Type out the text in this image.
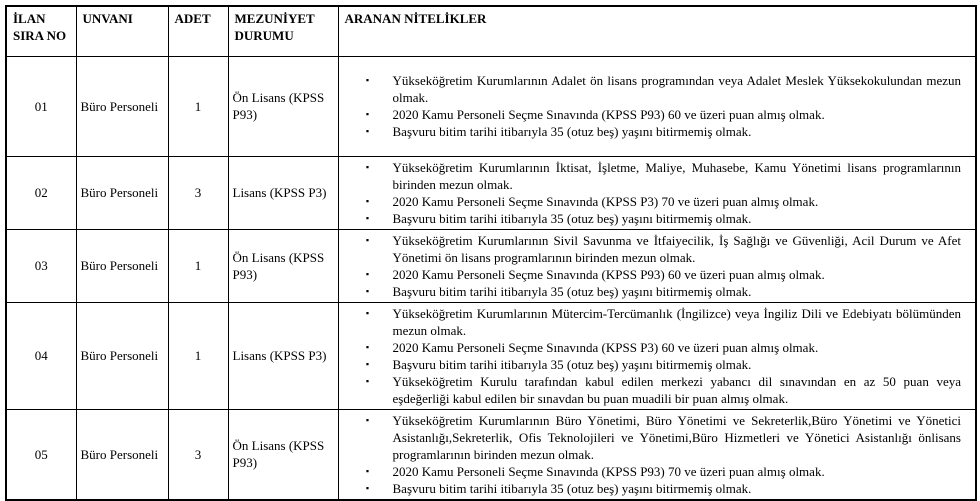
İLAN SIRA NO	UNVANI	ADET	MEZUNİYET DURUMU	ARANAN NİTELİKLER
01	Büro Personeli	1	Ön Lisans (KPSS P93)	
▪	Yükseköğretim Kurumlarının Adalet ön lisans programından veya Adalet Meslek Yüksekokulundan mezun olmak.
▪	2020 Kamu Personeli Seçme Sınavında (KPSS P93) 60 ve üzeri puan almış olmak.
▪	Başvuru bitim tarihi itibarıyla 35 (otuz beş) yaşını bitirmemiş olmak.

02	Büro Personeli	3	Lisans (KPSS P3)	
▪	Yükseköğretim Kurumlarının İktisat, İşletme, Maliye, Muhasebe, Kamu Yönetimi lisans programlarının birinden mezun olmak.
▪	2020 Kamu Personeli Seçme Sınavında (KPSS P3) 70 ve üzeri puan almış olmak.
▪	Başvuru bitim tarihi itibarıyla 35 (otuz beş) yaşını bitirmemiş olmak.

03	Büro Personeli	1	Ön Lisans (KPSS P93)	
▪	Yükseköğretim Kurumlarının Sivil Savunma ve İtfaiyecilik, İş Sağlığı ve Güvenliği, Acil Durum ve Afet Yönetimi ön lisans programlarının birinden mezun olmak.
▪	2020 Kamu Personeli Seçme Sınavında (KPSS P93) 60 ve üzeri puan almış olmak.
▪	Başvuru bitim tarihi itibarıyla 35 (otuz beş) yaşını bitirmemiş olmak.

04	Büro Personeli	1	Lisans (KPSS P3)	
▪	Yükseköğretim Kurumlarının Mütercim-Tercümanlık (İngilizce) veya İngiliz Dili ve Edebiyatı bölümünden mezun olmak.
▪	2020 Kamu Personeli Seçme Sınavında (KPSS P3) 60 ve üzeri puan almış olmak.
▪	Başvuru bitim tarihi itibarıyla 35 (otuz beş) yaşını bitirmemiş olmak.
▪	Yükseköğretim Kurulu tarafından kabul edilen merkezi yabancı dil sınavından en az 50 puan veya eşdeğerliği kabul edilen bir sınavdan bu puan muadili bir puan almış olmak.

05	Büro Personeli	3	Ön Lisans (KPSS P93)	
▪	Yükseköğretim Kurumlarının Büro Yönetimi, Büro Yönetimi ve Sekreterlik,Büro Yönetimi ve Yönetici Asistanlığı,Sekreterlik, Ofis Teknolojileri ve Yönetimi,Büro Hizmetleri ve Yönetici Asistanlığı önlisans programlarının birinden mezun olmak.
▪	2020 Kamu Personeli Seçme Sınavında (KPSS P93) 70 ve üzeri puan almış olmak.
▪	Başvuru bitim tarihi itibarıyla 35 (otuz beş) yaşını bitirmemiş olmak.
